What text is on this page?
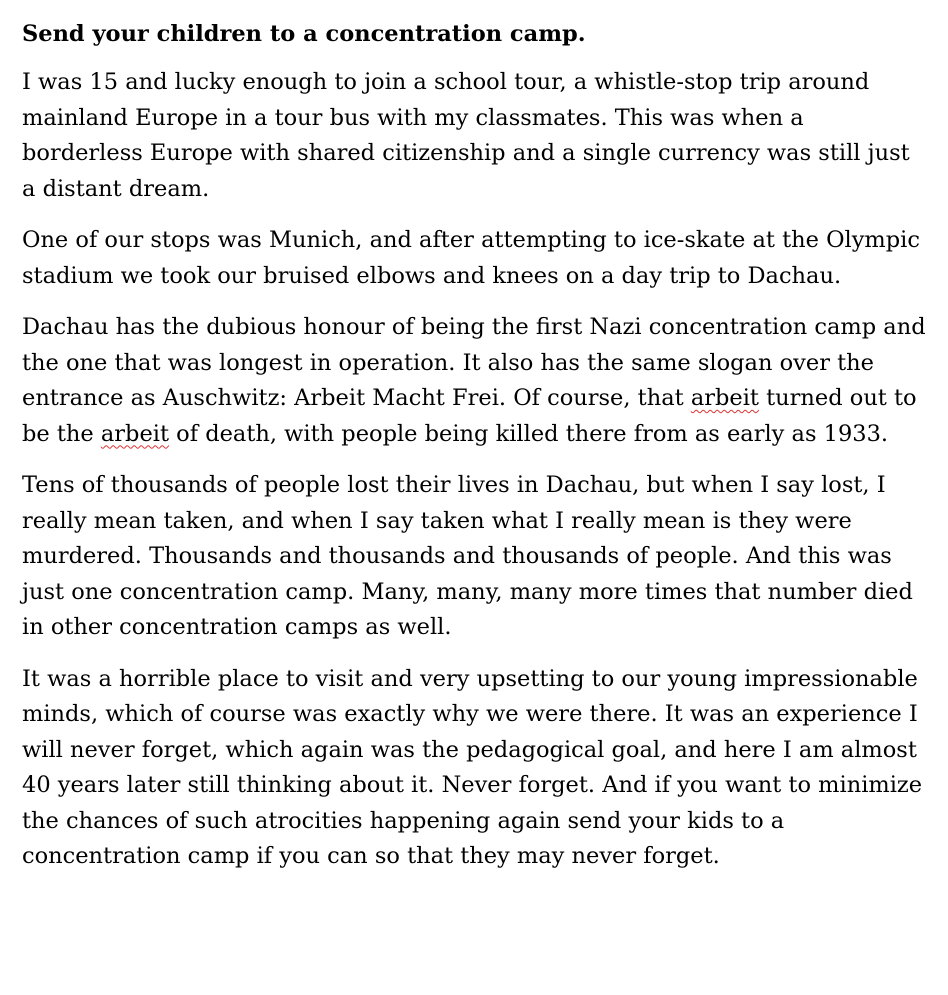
Send your children to a concentration camp.

I was 15 and lucky enough to join a school tour, a whistle-stop trip around mainland Europe in a tour bus with my classmates. This was when a borderless Europe with shared citizenship and a single currency was still just a distant dream.

One of our stops was Munich, and after attempting to ice-skate at the Olympic stadium we took our bruised elbows and knees on a day trip to Dachau.

Dachau has the dubious honour of being the first Nazi concentration camp and the one that was longest in operation. It also has the same slogan over the entrance as Auschwitz: Arbeit Macht Frei. Of course, that arbeit turned out to be the arbeit of death, with people being killed there from as early as 1933.

Tens of thousands of people lost their lives in Dachau, but when I say lost, I really mean taken, and when I say taken what I really mean is they were murdered. Thousands and thousands and thousands of people. And this was just one concentration camp. Many, many, many more times that number died in other concentration camps as well.

It was a horrible place to visit and very upsetting to our young impressionable minds, which of course was exactly why we were there. It was an experience I will never forget, which again was the pedagogical goal, and here I am almost 40 years later still thinking about it. Never forget. And if you want to minimize the chances of such atrocities happening again send your kids to a concentration camp if you can so that they may never forget.
